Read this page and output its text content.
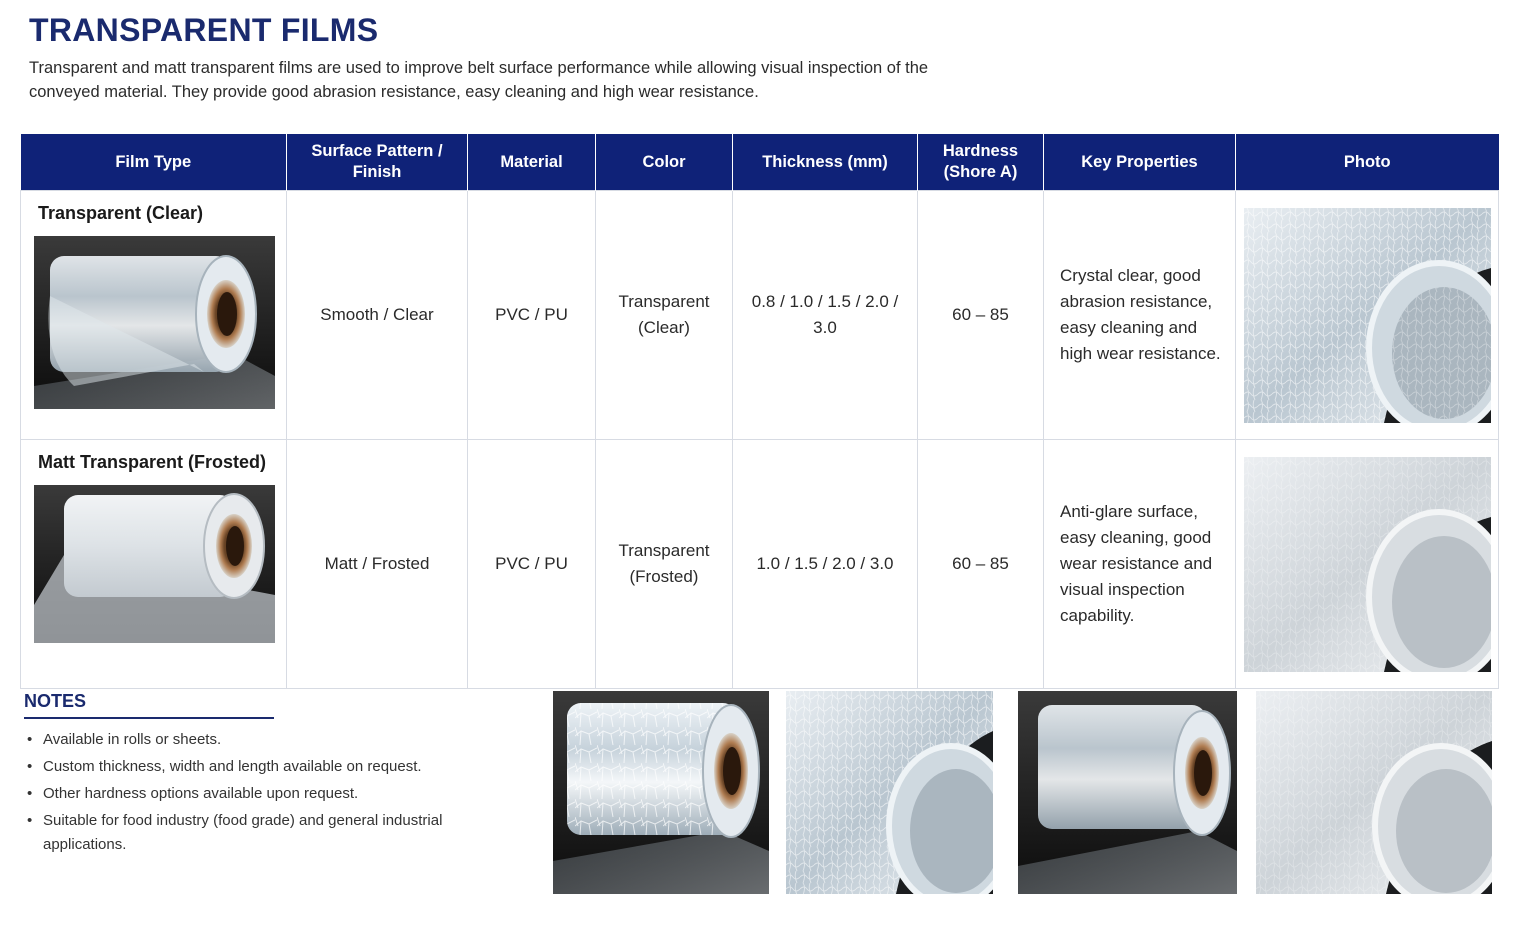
TRANSPARENT FILMS

Transparent and matt transparent films are used to improve belt surface performance while allowing visual inspection of the conveyed material. They provide good abrasion resistance, easy cleaning and high wear resistance.

Film Type	Surface Pattern / Finish	Material	Color	Thickness (mm)	Hardness (Shore A)	Key Properties	Photo

Transparent (Clear)	Smooth / Clear	PVC / PU	Transparent (Clear)	0.8 / 1.0 / 1.5 / 2.0 / 3.0	60 – 85	Crystal clear, good abrasion resistance, easy cleaning and high wear resistance.	

Matt Transparent (Frosted)	Matt / Frosted	PVC / PU	Transparent (Frosted)	1.0 / 1.5 / 2.0 / 3.0	60 – 85	Anti-glare surface, easy cleaning, good wear resistance and visual inspection capability.	
NOTES
• Available in rolls or sheets.
• Custom thickness, width and length available on request.
• Other hardness options available upon request.
• Suitable for food industry (food grade) and general industrial applications.
